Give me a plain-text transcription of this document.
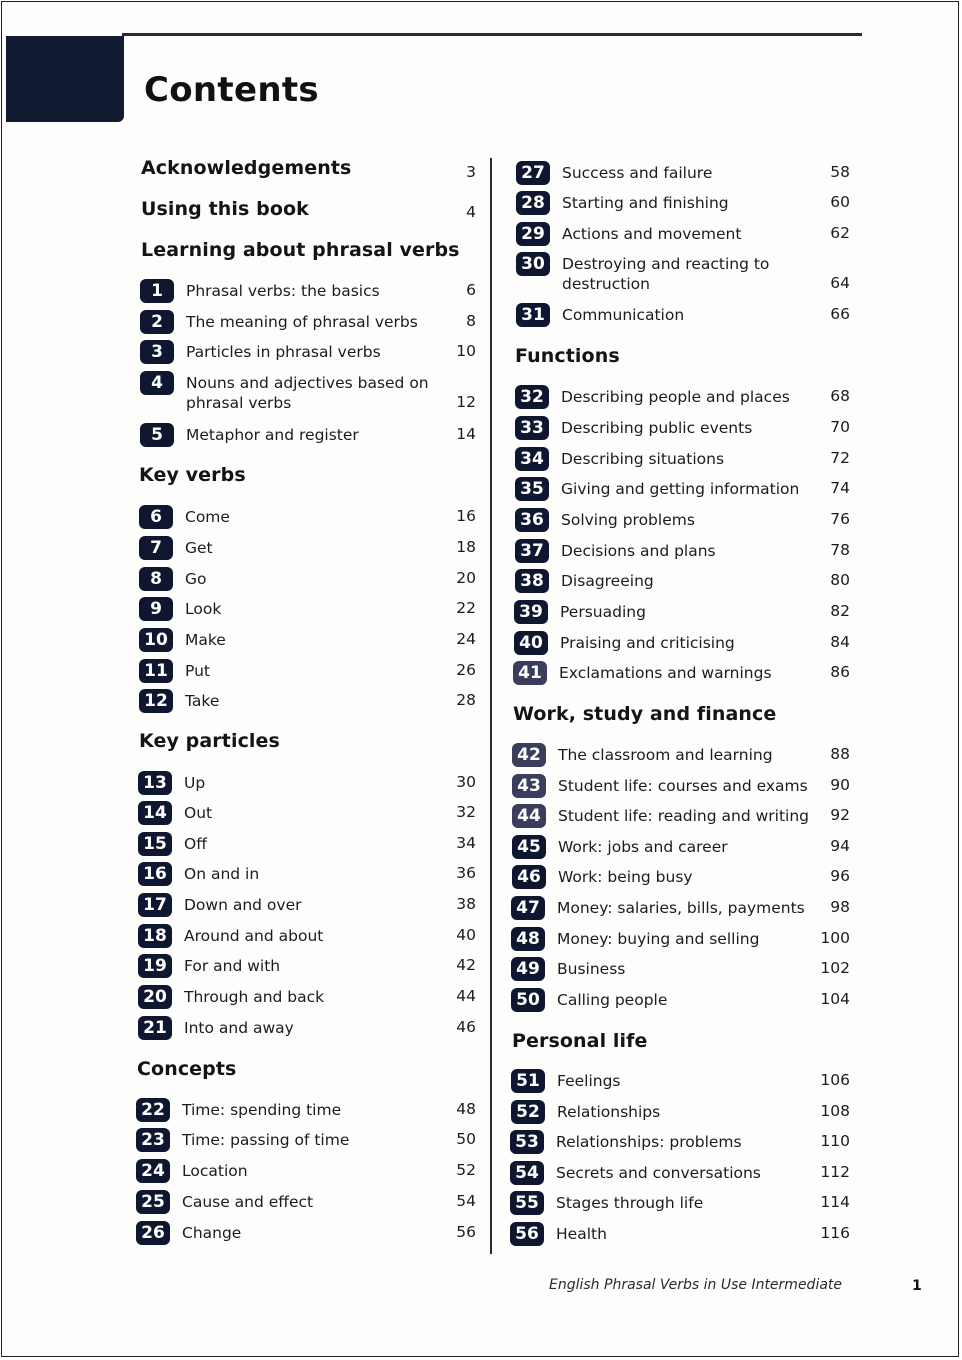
Contents
Acknowledgements	3
Using this book	4
Learning about phrasal verbs
Key verbs
Key particles
Concepts
Functions
Work, study and finance
Personal life
1	Phrasal verbs: the basics	6
2	The meaning of phrasal verbs	8
3	Particles in phrasal verbs	10
4	Nouns and adjectives based on
phrasal verbs	12
5	Metaphor and register	14
6	Come	16
7	Get	18
8	Go	20
9	Look	22
10	Make	24
11	Put	26
12	Take	28
13	Up	30
14	Out	32
15	Off	34
16	On and in	36
17	Down and over	38
18	Around and about	40
19	For and with	42
20	Through and back	44
21	Into and away	46
22	Time: spending time	48
23	Time: passing of time	50
24	Location	52
25	Cause and effect	54
26	Change	56
27	Success and failure	58
28	Starting and finishing	60
29	Actions and movement	62
30	Destroying and reacting to
destruction	64
31	Communication	66
32	Describing people and places	68
33	Describing public events	70
34	Describing situations	72
35	Giving and getting information	74
36	Solving problems	76
37	Decisions and plans	78
38	Disagreeing	80
39	Persuading	82
40	Praising and criticising	84
41	Exclamations and warnings	86
42	The classroom and learning	88
43	Student life: courses and exams	90
44	Student life: reading and writing	92
45	Work: jobs and career	94
46	Work: being busy	96
47	Money: salaries, bills, payments	98
48	Money: buying and selling	100
49	Business	102
50	Calling people	104
51	Feelings	106
52	Relationships	108
53	Relationships: problems	110
54	Secrets and conversations	112
55	Stages through life	114
56	Health	116
English Phrasal Verbs in Use Intermediate	1
